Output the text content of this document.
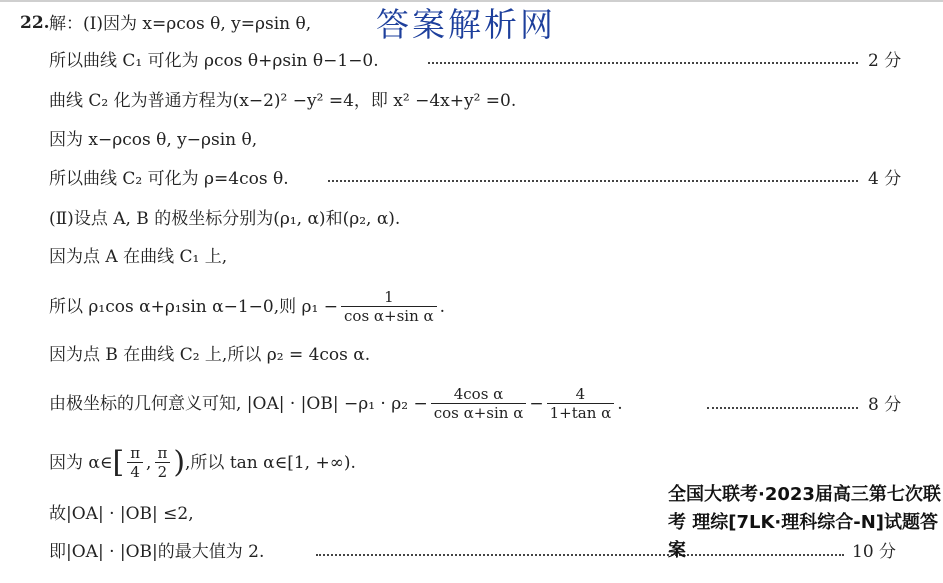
答案解析网
22. 解：(Ⅰ)因为 x=ρcos θ, y=ρsin θ,
所以曲线 C₁ 可化为 ρcos θ+ρsin θ−1−0.	2 分
曲线 C₂ 化为普通方程为(x−2)² −y² =4，即 x² −4x+y² =0.
因为 x−ρcos θ, y−ρsin θ,
所以曲线 C₂ 可化为 ρ=4cos θ.	4 分
(Ⅱ)设点 A, B 的极坐标分别为(ρ₁, α)和(ρ₂, α).
因为点 A 在曲线 C₁ 上,
所以 ρ₁cos α+ρ₁sin α−1−0,则 $\rho_1 - \frac{1}{\text{cos α+sin α}}$ .
因为点 B 在曲线 C₂ 上,所以 ρ₂ = 4cos α.
由极坐标的几何意义可知, $|OA| \cdot |OB| -\rho_1 \cdot \rho_2 - \frac{\text{4cos α}}{\text{cos α+sin α}} - \frac{4}{\text{1+tan α}}$ .	8 分
因为 α∈ [ $\frac{\pi}{4}$ , $\frac{\pi}{2}$ ) ,所以 tan α∈[1, +∞).
故|OA| · |OB| ≤2,
即|OA| · |OB|的最大值为 2.	10 分
全国大联考·2023届高三第七次联考 理综[7LK·理科综合-N]试题答案
